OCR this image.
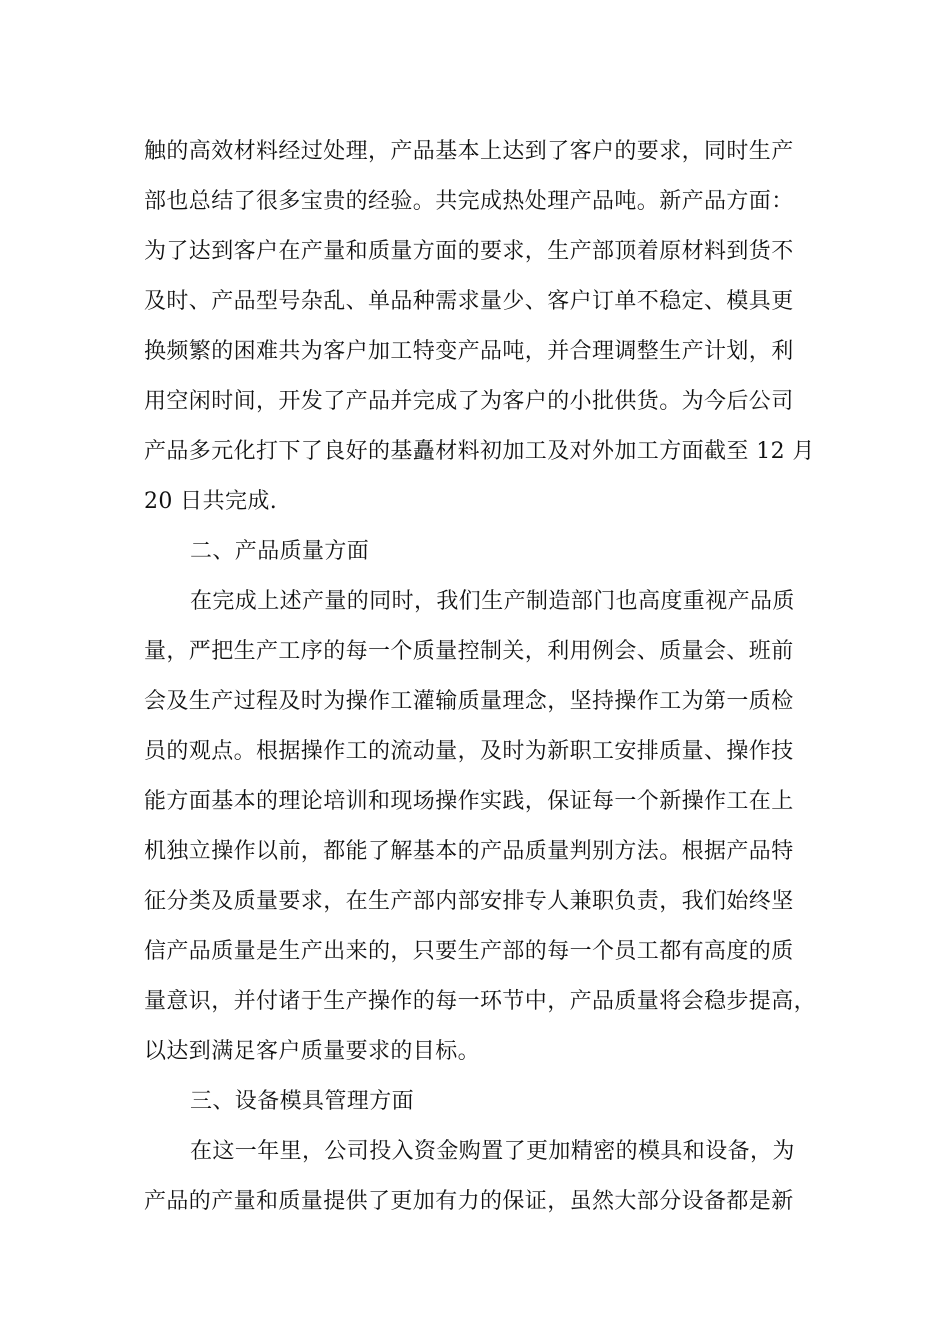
触的高效材料经过处理，产品基本上达到了客户的要求，同时生产
部也总结了很多宝贵的经验。共完成热处理产品吨。新产品方面：
为了达到客户在产量和质量方面的要求，生产部顶着原材料到货不
及时、产品型号杂乱、单品种需求量少、客户订单不稳定、模具更
换频繁的困难共为客户加工特变产品吨，并合理调整生产计划，利
用空闲时间，开发了产品并完成了为客户的小批供货。为今后公司
产品多元化打下了良好的基矗材料初加工及对外加工方面截至 12 月
20 日共完成.
二、产品质量方面
在完成上述产量的同时，我们生产制造部门也高度重视产品质
量，严把生产工序的每一个质量控制关，利用例会、质量会、班前
会及生产过程及时为操作工灌输质量理念，坚持操作工为第一质检
员的观点。根据操作工的流动量，及时为新职工安排质量、操作技
能方面基本的理论培训和现场操作实践，保证每一个新操作工在上
机独立操作以前，都能了解基本的产品质量判别方法。根据产品特
征分类及质量要求，在生产部内部安排专人兼职负责，我们始终坚
信产品质量是生产出来的，只要生产部的每一个员工都有高度的质
量意识，并付诸于生产操作的每一环节中，产品质量将会稳步提高，
以达到满足客户质量要求的目标。
三、设备模具管理方面
在这一年里，公司投入资金购置了更加精密的模具和设备，为
产品的产量和质量提供了更加有力的保证，虽然大部分设备都是新
